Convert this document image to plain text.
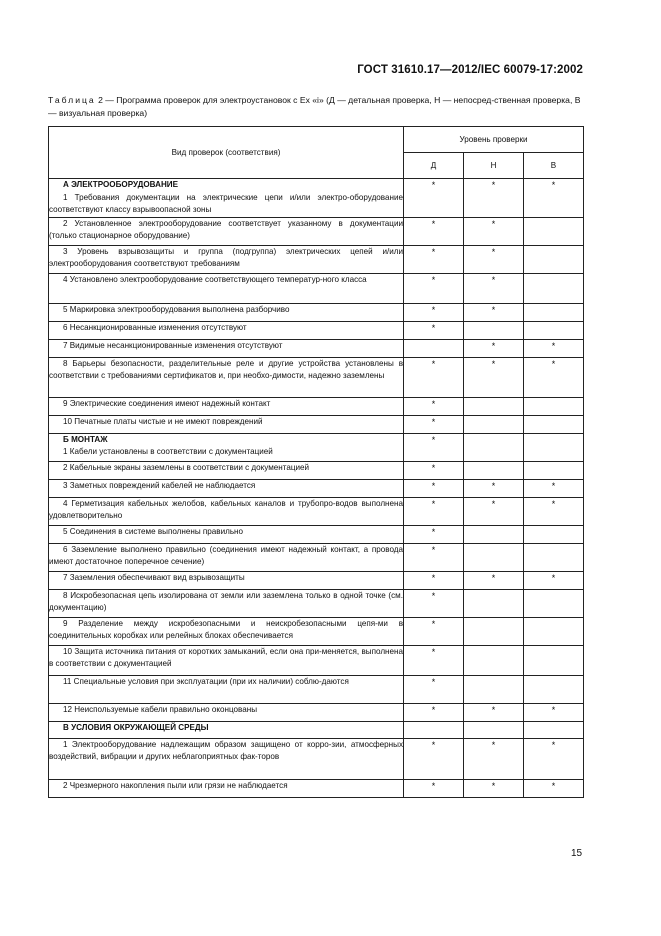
ГОСТ 31610.17—2012/IEC 60079-17:2002
Таблица 2 — Программа проверок для электроустановок с Ex «i» (Д — детальная проверка, Н — непосред-ственная проверка, В — визуальная проверка)
Вид проверок (соответствия)	Уровень проверки		
	Д	Н	В

А ЭЛЕКТРООБОРУДОВАНИЕ
1 Требования документации на электрические цепи и/или электро-оборудование соответствуют классу взрывоопасной зоны	*	*	*

2 Установленное электрооборудование соответствует указанному в документации (только стационарное оборудование)	*	*	

3 Уровень взрывозащиты и группа (подгруппа) электрических цепей и/или электрооборудования соответствуют требованиям	*	*	

4 Установлено электрооборудование соответствующего температур-ного класса	*	*	

5 Маркировка электрооборудования выполнена разборчиво	*	*	

6 Несанкционированные изменения отсутствуют	*		

7 Видимые несанкционированные изменения отсутствуют		*	*

8 Барьеры безопасности, разделительные реле и другие устройства установлены в соответствии с требованиями сертификатов и, при необхо-димости, надежно заземлены	*	*	*

9 Электрические соединения имеют надежный контакт	*		

10 Печатные платы чистые и не имеют повреждений	*		

Б МОНТАЖ
1 Кабели установлены в соответствии с документацией	*		

2 Кабельные экраны заземлены в соответствии с документацией	*		

3 Заметных повреждений кабелей не наблюдается	*	*	*

4 Герметизация кабельных желобов, кабельных каналов и трубопро-водов выполнена удовлетворительно	*	*	*

5 Соединения в системе выполнены правильно	*		

6 Заземление выполнено правильно (соединения имеют надежный контакт, а провода имеют достаточное поперечное сечение)	*		

7 Заземления обеспечивают вид взрывозащиты	*	*	*

8 Искробезопасная цепь изолирована от земли или заземлена только в одной точке (см. документацию)	*		

9 Разделение между искробезопасными и неискробезопасными цепя-ми в соединительных коробках или релейных блоках обеспечивается	*		

10 Защита источника питания от коротких замыканий, если она при-меняется, выполнена в соответствии с документацией	*		

11 Специальные условия при эксплуатации (при их наличии) соблю-даются	*		

12 Неиспользуемые кабели правильно оконцованы	*	*	*

В УСЛОВИЯ ОКРУЖАЮЩЕЙ СРЕДЫ			

1 Электрооборудование надлежащим образом защищено от корро-зии, атмосферных воздействий, вибрации и других неблагоприятных фак-торов	*	*	*

2 Чрезмерного накопления пыли или грязи не наблюдается	*	*	*
15
